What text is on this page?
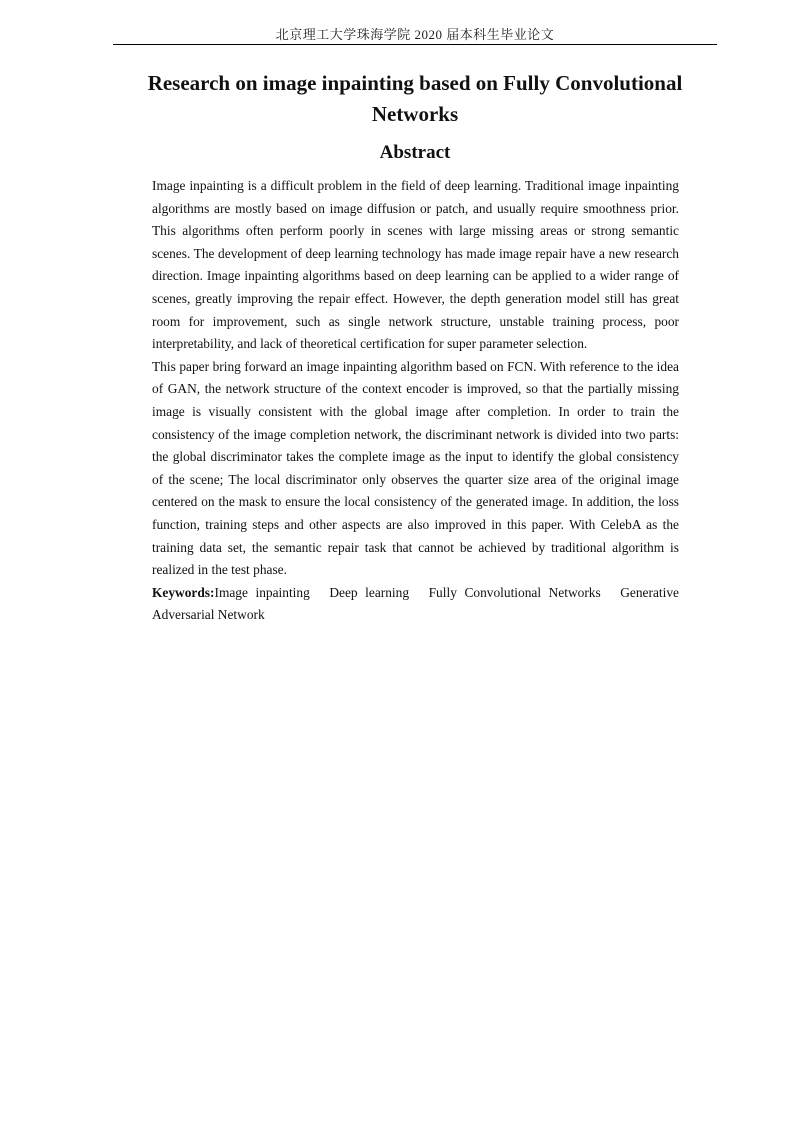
北京理工大学珠海学院 2020 届本科生毕业论文
Research on image inpainting based on Fully Convolutional
Networks
Abstract

Image inpainting is a difficult problem in the field of deep learning. Traditional image inpainting algorithms are mostly based on image diffusion or patch, and usually require smoothness prior. This algorithms often perform poorly in scenes with large missing areas or strong semantic scenes. The development of deep learning technology has made image repair have a new research direction. Image inpainting algorithms based on deep learning can be applied to a wider range of scenes, greatly improving the repair effect. However, the depth generation model still has great room for improvement, such as single network structure, unstable training process, poor interpretability, and lack of theoretical certification for super parameter selection.

This paper bring forward an image inpainting algorithm based on FCN. With reference to the idea of GAN, the network structure of the context encoder is improved, so that the partially missing image is visually consistent with the global image after completion. In order to train the consistency of the image completion network, the discriminant network is divided into two parts: the global discriminator takes the complete image as the input to identify the global consistency of the scene; The local discriminator only observes the quarter size area of the original image centered on the mask to ensure the local consistency of the generated image. In addition, the loss function, training steps and other aspects are also improved in this paper. With CelebA as the training data set, the semantic repair task that cannot be achieved by traditional algorithm is realized in the test phase.

Keywords:Image inpainting Deep learning Fully Convolutional Networks Generative Adversarial Network
